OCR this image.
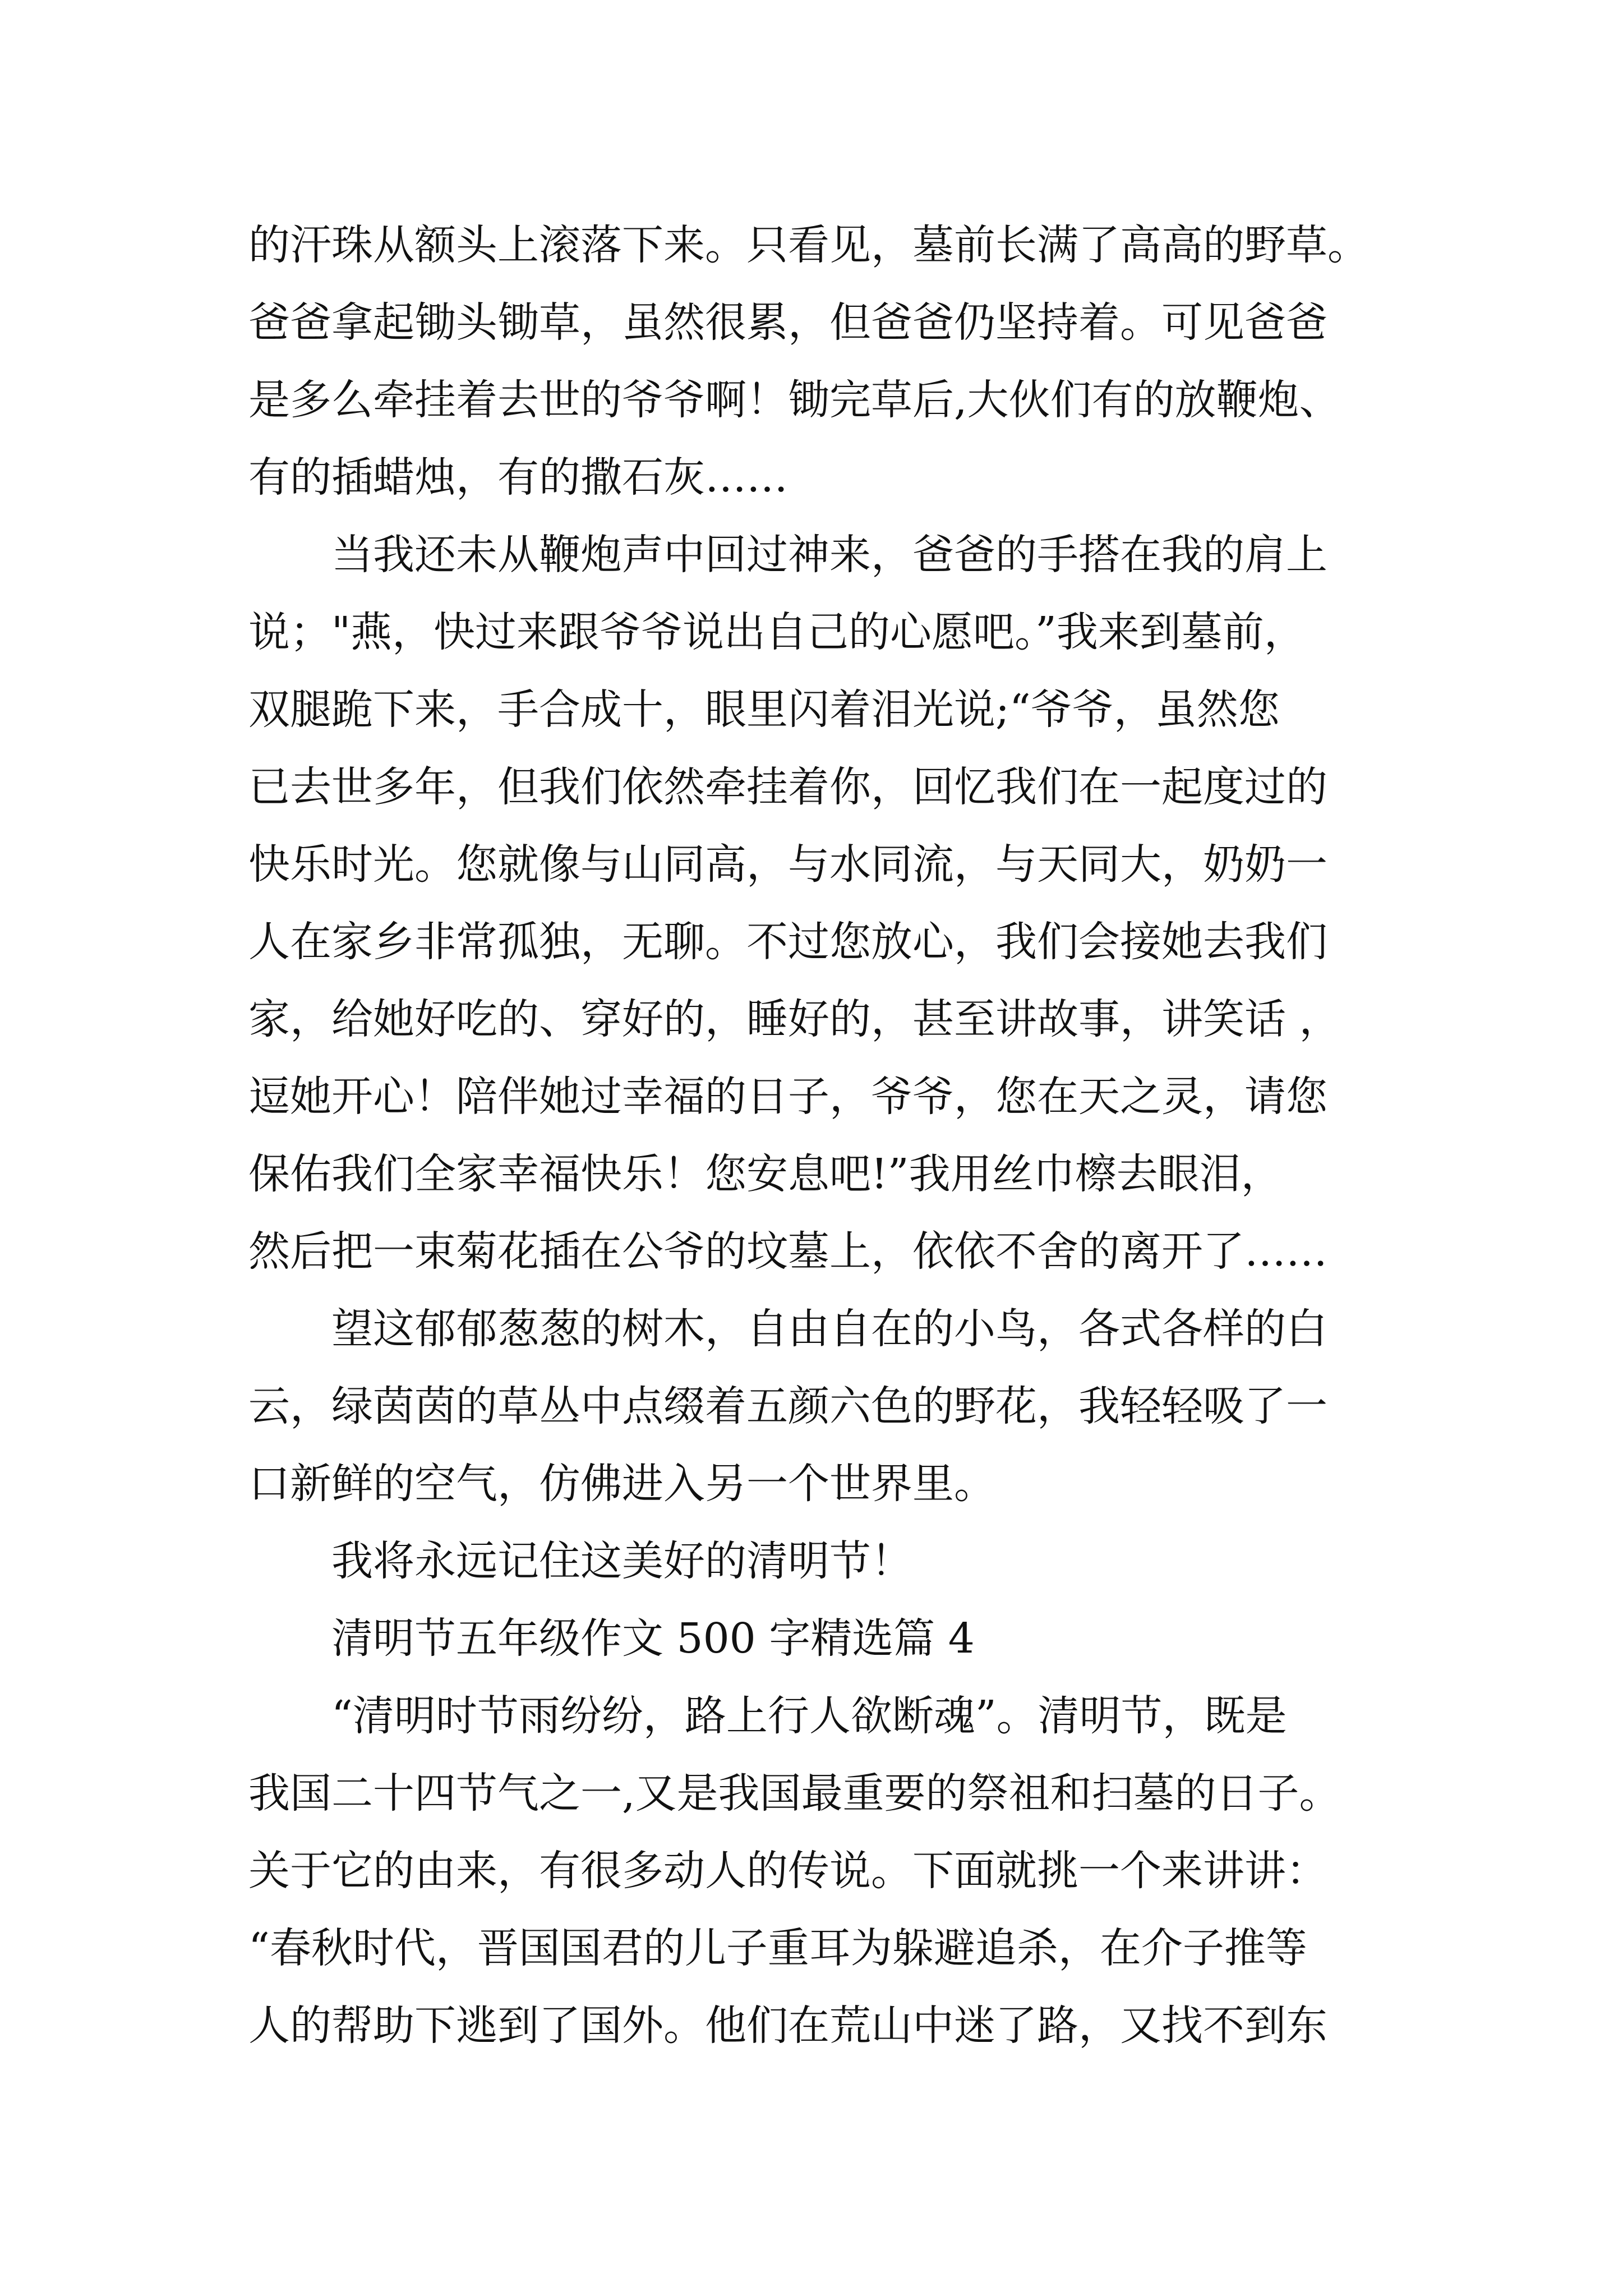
的汗珠从额头上滚落下来。只看见，墓前长满了高高的野草。
爸爸拿起锄头锄草，虽然很累，但爸爸仍坚持着。可见爸爸
是多么牵挂着去世的爷爷啊！锄完草后,大伙们有的放鞭炮、
有的插蜡烛，有的撒石灰……
当我还未从鞭炮声中回过神来，爸爸的手搭在我的肩上
说；"燕，快过来跟爷爷说出自己的心愿吧。”我来到墓前，
双腿跪下来，手合成十，眼里闪着泪光说;“爷爷，虽然您
已去世多年，但我们依然牵挂着你，回忆我们在一起度过的
快乐时光。您就像与山同高，与水同流，与天同大，奶奶一
人在家乡非常孤独，无聊。不过您放心，我们会接她去我们
家，给她好吃的、穿好的，睡好的，甚至讲故事，讲笑话 ，
逗她开心！陪伴她过幸福的日子，爷爷，您在天之灵，请您
保佑我们全家幸福快乐！您安息吧!”我用丝巾檫去眼泪，
然后把一束菊花插在公爷的坟墓上，依依不舍的离开了……
望这郁郁葱葱的树木，自由自在的小鸟，各式各样的白
云，绿茵茵的草丛中点缀着五颜六色的野花，我轻轻吸了一
口新鲜的空气，仿佛进入另一个世界里。
我将永远记住这美好的清明节！
清明节五年级作文 500 字精选篇 4
“清明时节雨纷纷，路上行人欲断魂”。清明节，既是
我国二十四节气之一,又是我国最重要的祭祖和扫墓的日子。
关于它的由来，有很多动人的传说。下面就挑一个来讲讲：
“春秋时代，晋国国君的儿子重耳为躲避追杀，在介子推等
人的帮助下逃到了国外。他们在荒山中迷了路，又找不到东
